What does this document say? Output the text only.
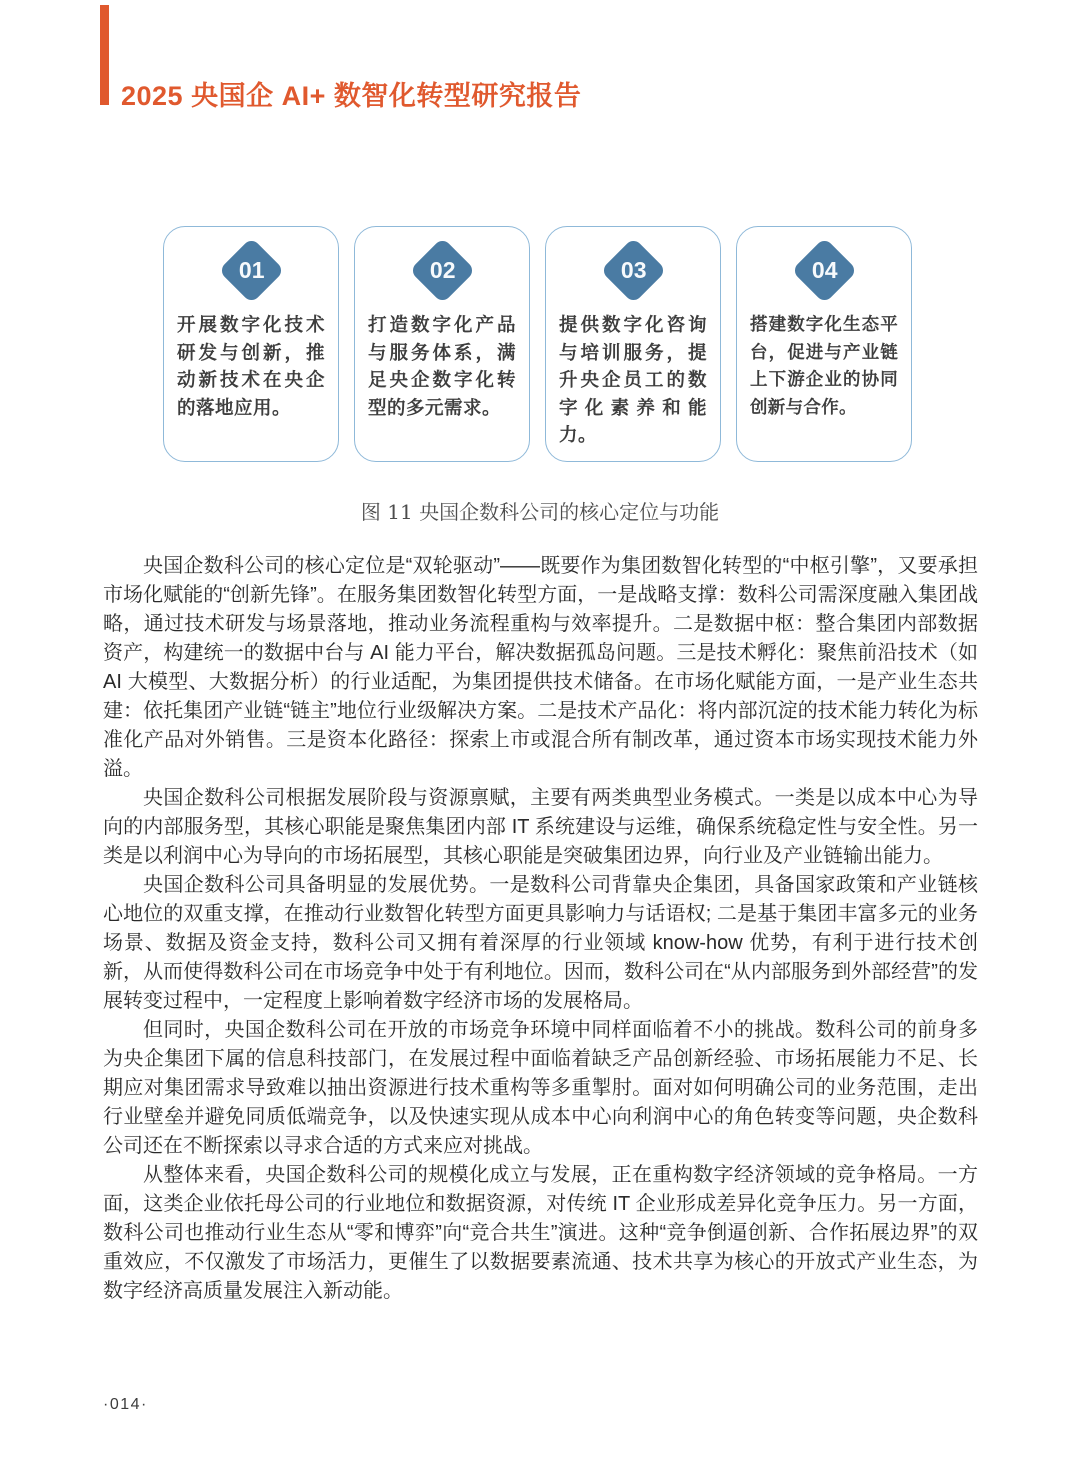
2025 央国企 AI+ 数智化转型研究报告
01
开展数字化技术研发与创新，推动新技术在央企的落地应用。
02
打造数字化产品与服务体系，满足央企数字化转型的多元需求。
03
提供数字化咨询与培训服务，提升央企员工的数字化素养和能力。
04
搭建数字化生态平台，促进与产业链上下游企业的协同创新与合作。
图 11 央国企数科公司的核心定位与功能

央国企数科公司的核心定位是“双轮驱动”——既要作为集团数智化转型的“中枢引擎”，又要承担市场化赋能的“创新先锋”。在服务集团数智化转型方面，一是战略支撑：数科公司需深度融入集团战略，通过技术研发与场景落地，推动业务流程重构与效率提升。二是数据中枢：整合集团内部数据资产，构建统一的数据中台与 AI 能力平台，解决数据孤岛问题。三是技术孵化：聚焦前沿技术（如 AI 大模型、大数据分析）的行业适配，为集团提供技术储备。在市场化赋能方面，一是产业生态共建：依托集团产业链“链主”地位行业级解决方案。二是技术产品化：将内部沉淀的技术能力转化为标准化产品对外销售。三是资本化路径：探索上市或混合所有制改革，通过资本市场实现技术能力外溢。

央国企数科公司根据发展阶段与资源禀赋，主要有两类典型业务模式。一类是以成本中心为导向的内部服务型，其核心职能是聚焦集团内部 IT 系统建设与运维，确保系统稳定性与安全性。另一类是以利润中心为导向的市场拓展型，其核心职能是突破集团边界，向行业及产业链输出能力。

央国企数科公司具备明显的发展优势。一是数科公司背靠央企集团，具备国家政策和产业链核心地位的双重支撑，在推动行业数智化转型方面更具影响力与话语权; 二是基于集团丰富多元的业务场景、数据及资金支持，数科公司又拥有着深厚的行业领域 know-how 优势，有利于进行技术创新，从而使得数科公司在市场竞争中处于有利地位。因而，数科公司在“从内部服务到外部经营”的发展转变过程中，一定程度上影响着数字经济市场的发展格局。

但同时，央国企数科公司在开放的市场竞争环境中同样面临着不小的挑战。数科公司的前身多为央企集团下属的信息科技部门，在发展过程中面临着缺乏产品创新经验、市场拓展能力不足、长期应对集团需求导致难以抽出资源进行技术重构等多重掣肘。面对如何明确公司的业务范围，走出行业壁垒并避免同质低端竞争，以及快速实现从成本中心向利润中心的角色转变等问题，央企数科公司还在不断探索以寻求合适的方式来应对挑战。

从整体来看，央国企数科公司的规模化成立与发展，正在重构数字经济领域的竞争格局。一方面，这类企业依托母公司的行业地位和数据资源，对传统 IT 企业形成差异化竞争压力。另一方面，数科公司也推动行业生态从“零和博弈”向“竞合共生”演进。这种“竞争倒逼创新、合作拓展边界”的双重效应，不仅激发了市场活力，更催生了以数据要素流通、技术共享为核心的开放式产业生态，为数字经济高质量发展注入新动能。

·014·
